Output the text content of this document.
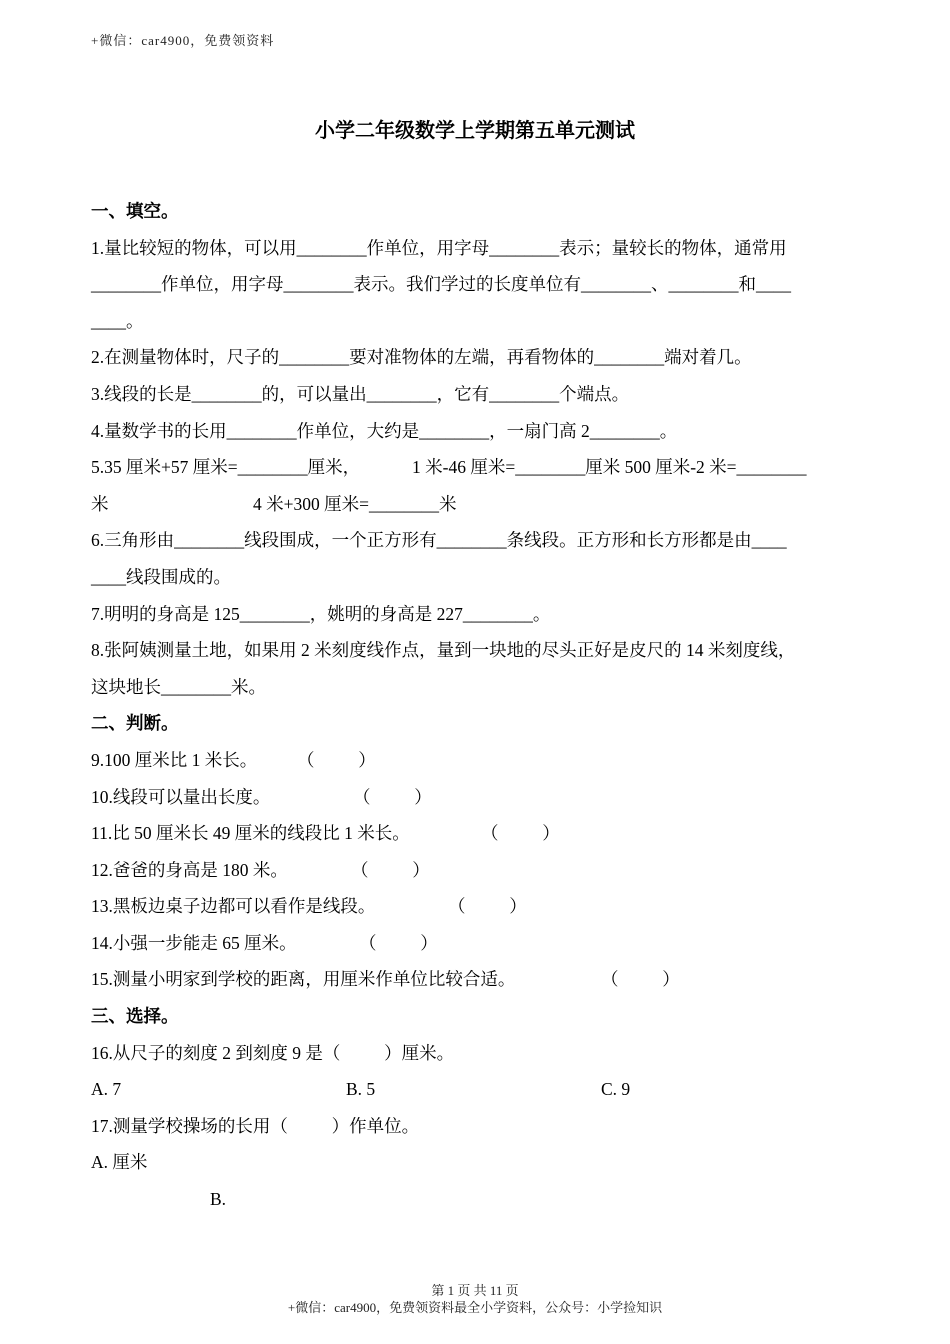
+微信：car4900，免费领资料
小学二年级数学上学期第五单元测试
一、填空。
1.量比较短的物体，可以用________作单位，用字母________表示；量较长的物体，通常用
________作单位，用字母________表示。我们学过的长度单位有________、________和____
____。
2.在测量物体时，尺子的________要对准物体的左端，再看物体的________端对着几。
3.线段的长是________的，可以量出________，它有________个端点。
4.量数学书的长用________作单位，大约是________，一扇门高 2________。

5.35 厘米+57 厘米=________厘米，

	1 米-46 厘米=________厘米 500 厘米-2 米=________

米

	4 米+300 厘米=________米

6.三角形由________线段围成，一个正方形有________条线段。正方形和长方形都是由____
____线段围成的。
7.明明的身高是 125________，姚明的身高是 227________。
8.张阿姨测量土地，如果用 2 米刻度线作点，量到一块地的尽头正好是皮尺的 14 米刻度线，
这块地长________米。
二、判断。
9.100 厘米比 1 米长。 （          ）
10.线段可以量出长度。	（          ）
11.比 50 厘米长 49 厘米的线段比 1 米长。	（          ）
12.爸爸的身高是 180 米。	（          ）
13.黑板边桌子边都可以看作是线段。	（          ）
14.小强一步能走 65 厘米。	（          ）
15.测量小明家到学校的距离，用厘米作单位比较合适。	（          ）
三、选择。
16.从尺子的刻度 2 到刻度 9 是（          ）厘米。

A. 7

	B. 5

	C. 9

17.测量学校操场的长用（          ）作单位。
A. 厘米

B.

第 1 页 共 11 页
+微信：car4900，免费领资料最全小学资料，公众号：小学捡知识
